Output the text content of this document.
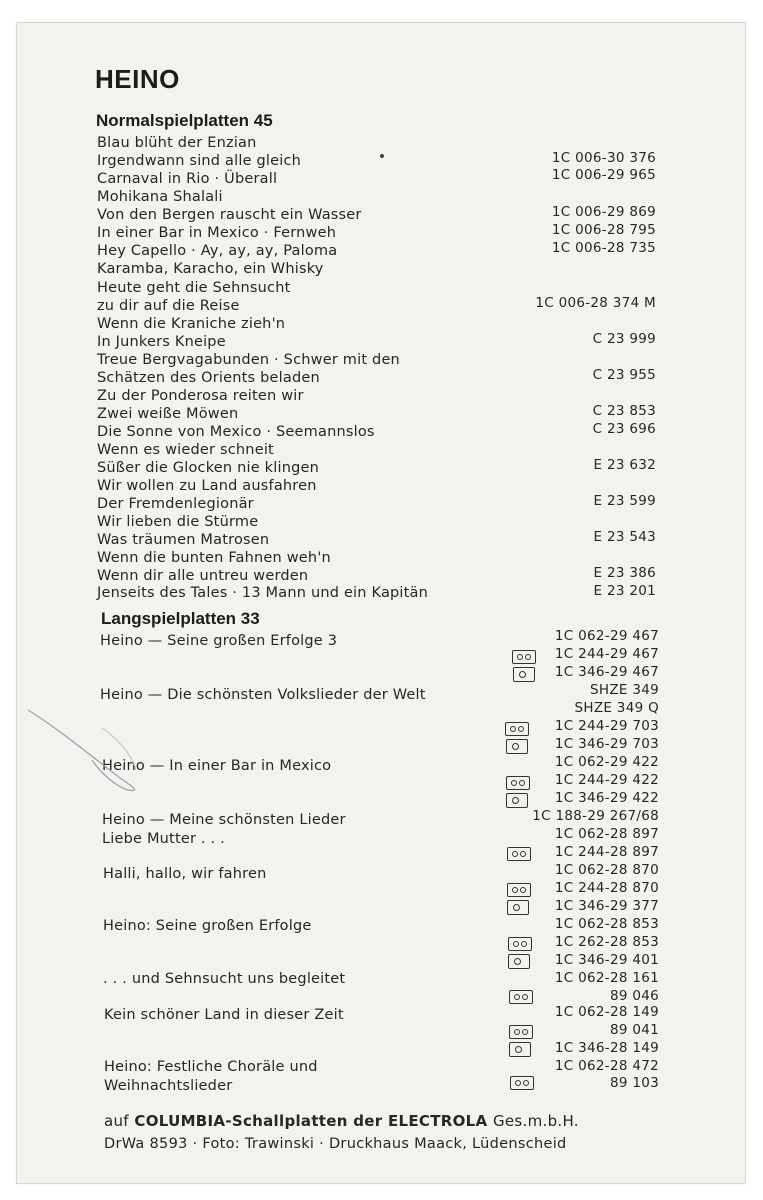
HEINO
Normalspielplatten 45
Blau blüht der Enzian
Irgendwann sind alle gleich
Carnaval in Rio · Überall
Mohikana Shalali
Von den Bergen rauscht ein Wasser
In einer Bar in Mexico · Fernweh
Hey Capello · Ay, ay, ay, Paloma
Karamba, Karacho, ein Whisky
Heute geht die Sehnsucht
zu dir auf die Reise
Wenn die Kraniche zieh'n
In Junkers Kneipe
Treue Bergvagabunden · Schwer mit den
Schätzen des Orients beladen
Zu der Ponderosa reiten wir
Zwei weiße Möwen
Die Sonne von Mexico · Seemannslos
Wenn es wieder schneit
Süßer die Glocken nie klingen
Wir wollen zu Land ausfahren
Der Fremdenlegionär
Wir lieben die Stürme
Was träumen Matrosen
Wenn die bunten Fahnen weh'n
Wenn dir alle untreu werden
Jenseits des Tales · 13 Mann und ein Kapitän
1C 006-30 376
1C 006-29 965
1C 006-29 869
1C 006-28 795
1C 006-28 735
1C 006-28 374 M
C 23 999
C 23 955
C 23 853
C 23 696
E 23 632
E 23 599
E 23 543
E 23 386
E 23 201
Langspielplatten 33
Heino — Seine großen Erfolge 3
Heino — Die schönsten Volkslieder der Welt
Heino — In einer Bar in Mexico
Heino — Meine schönsten Lieder
Liebe Mutter . . .
Halli, hallo, wir fahren
Heino: Seine großen Erfolge
. . . und Sehnsucht uns begleitet
Kein schöner Land in dieser Zeit
Heino: Festliche Choräle und
Weihnachtslieder
1C 062-29 467
1C 244-29 467
1C 346-29 467
SHZE 349
SHZE 349 Q
1C 244-29 703
1C 346-29 703
1C 062-29 422
1C 244-29 422
1C 346-29 422
1C 188-29 267/68
1C 062-28 897
1C 244-28 897
1C 062-28 870
1C 244-28 870
1C 346-29 377
1C 062-28 853
1C 262-28 853
1C 346-29 401
1C 062-28 161
89 046
1C 062-28 149
89 041
1C 346-28 149
1C 062-28 472
89 103
auf COLUMBIA-Schallplatten der ELECTROLA Ges.m.b.H.
DrWa 8593 · Foto: Trawinski · Druckhaus Maack, Lüdenscheid
